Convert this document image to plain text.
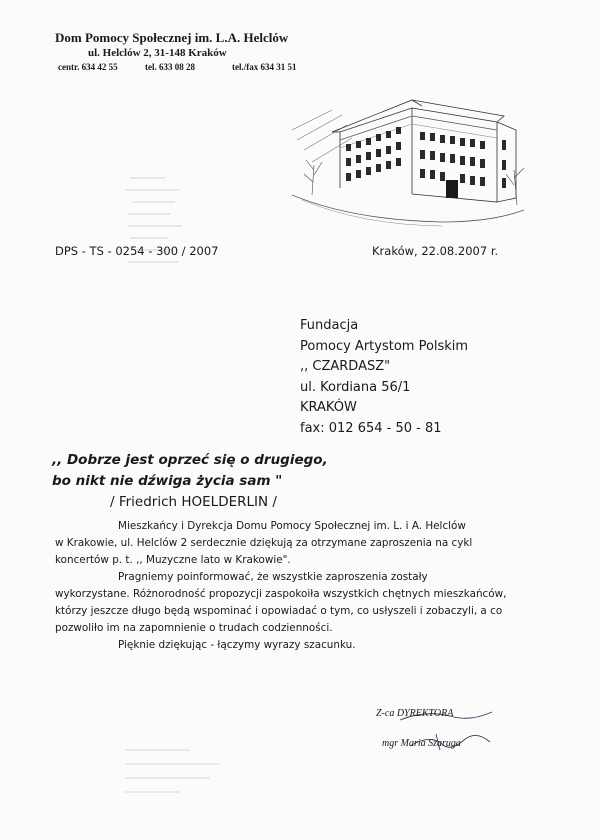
Dom Pomocy Społecznej im. L.A. Helclów
ul. Helclów 2, 31-148 Kraków
centr. 634 42 55	tel. 633 08 28	tel./fax 634 31 51
DPS - TS - 0254 - 300 / 2007	Kraków, 22.08.2007 r.
Fundacja
Pomocy Artystom Polskim
,, CZARDASZ"
ul. Kordiana 56/1
KRAKÓW
fax: 012 654 - 50 - 81
,, Dobrze jest oprzeć się o drugiego,
bo nikt nie dźwiga życia sam "
/ Friedrich HOELDERLIN /
Mieszkańcy i Dyrekcja Domu Pomocy Społecznej im. L. i A. Helclów
w Krakowie, ul. Helclów 2 serdecznie dziękują za otrzymane zaproszenia na cykl
koncertów p. t. ,, Muzyczne lato w Krakowie".
Pragniemy poinformować, że wszystkie zaproszenia zostały
wykorzystane. Różnorodność propozycji zaspokoiła wszystkich chętnych mieszkańców,
którzy jeszcze długo będą wspominać i opowiadać o tym, co usłyszeli i zobaczyli, a co
pozwoliło im na zapomnienie o trudach codzienności.
Pięknie dziękując - łączymy wyrazy szacunku.
Z-ca DYREKTORA
mgr Maria Szaruga
